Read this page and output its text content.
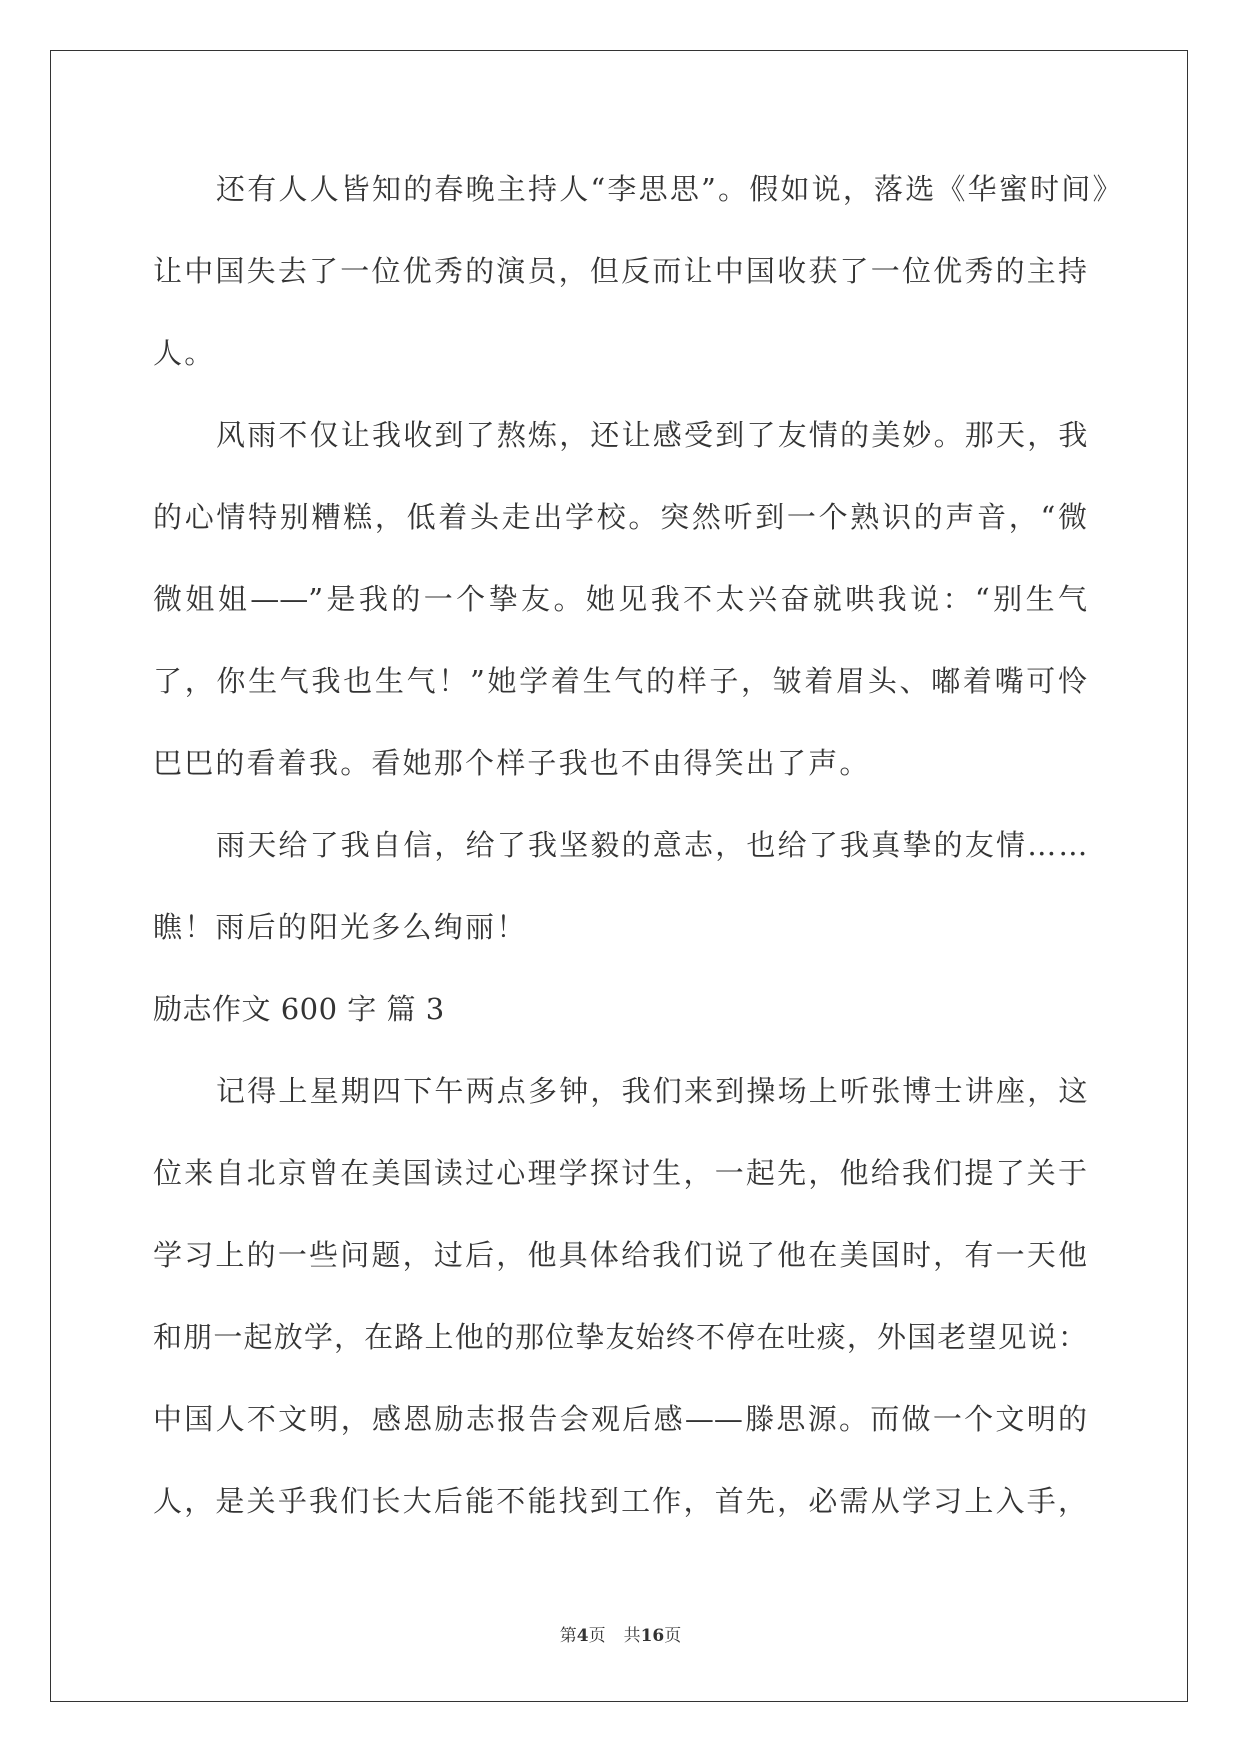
还有人人皆知的春晚主持人“李思思”。假如说，落选《华蜜时间》
让中国失去了一位优秀的演员，但反而让中国收获了一位优秀的主持
人。
风雨不仅让我收到了熬炼，还让感受到了友情的美妙。那天，我
的心情特别糟糕，低着头走出学校。突然听到一个熟识的声音，“微
微姐姐——”是我的一个挚友。她见我不太兴奋就哄我说：“别生气
了，你生气我也生气！”她学着生气的样子，皱着眉头、嘟着嘴可怜
巴巴的看着我。看她那个样子我也不由得笑出了声。
雨天给了我自信，给了我坚毅的意志，也给了我真挚的友情……
瞧！雨后的阳光多么绚丽！
励志作文 600 字 篇 3
记得上星期四下午两点多钟，我们来到操场上听张博士讲座，这
位来自北京曾在美国读过心理学探讨生，一起先，他给我们提了关于
学习上的一些问题，过后，他具体给我们说了他在美国时，有一天他
和朋一起放学，在路上他的那位挚友始终不停在吐痰，外国老望见说：
中国人不文明，感恩励志报告会观后感——滕思源。而做一个文明的
人，是关乎我们长大后能不能找到工作，首先，必需从学习上入手，
第4页 共16页
